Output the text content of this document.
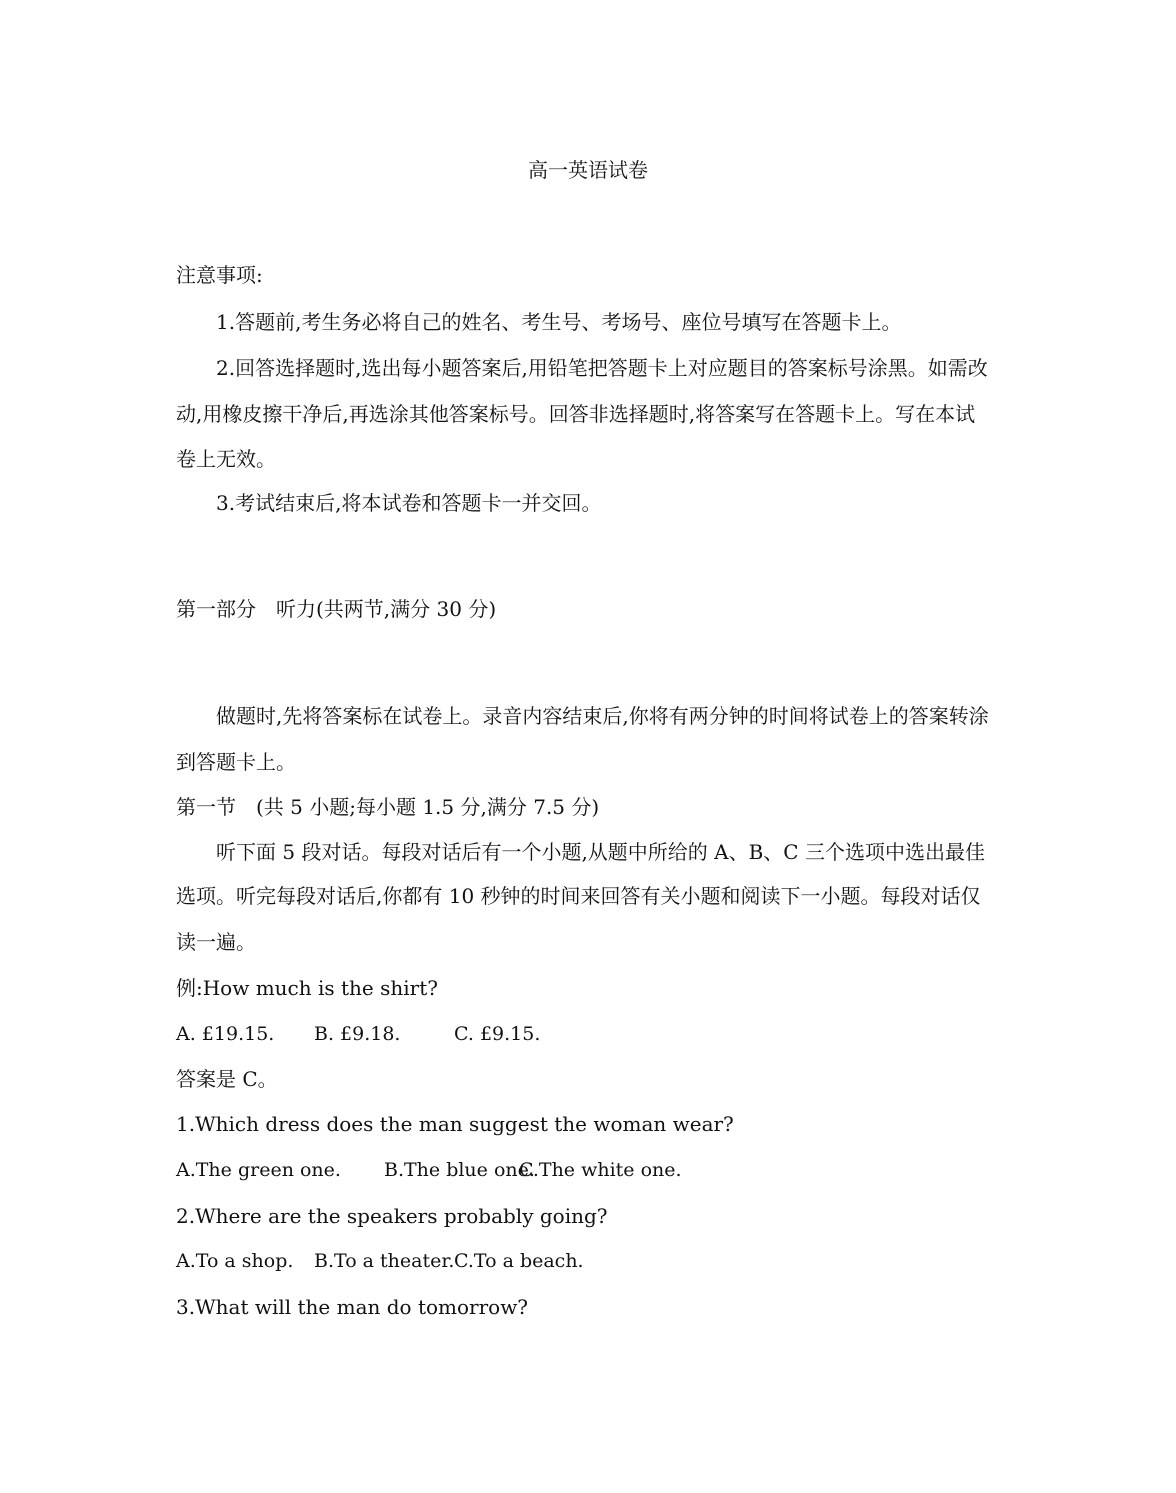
高一英语试卷
注意事项:
1.答题前,考生务必将自己的姓名、考生号、考场号、座位号填写在答题卡上。
2.回答选择题时,选出每小题答案后,用铅笔把答题卡上对应题目的答案标号涂黑。如需改
动,用橡皮擦干净后,再选涂其他答案标号。回答非选择题时,将答案写在答题卡上。写在本试
卷上无效。
3.考试结束后,将本试卷和答题卡一并交回。
第一部分　听力(共两节,满分 30 分)
做题时,先将答案标在试卷上。录音内容结束后,你将有两分钟的时间将试卷上的答案转涂
到答题卡上。
第一节　(共 5 小题;每小题 1.5 分,满分 7.5 分)
听下面 5 段对话。每段对话后有一个小题,从题中所给的 A、B、C 三个选项中选出最佳
选项。听完每段对话后,你都有 10 秒钟的时间来回答有关小题和阅读下一小题。每段对话仅
读一遍。
例:How much is the shirt?
A. £19.15. B. £9.18.	C. £9.15.
答案是 C。
1.Which dress does the man suggest the woman wear?
A.The green one. B.The blue one.
C.The white one.
2.Where are the speakers probably going?
A.To a shop. B.To a theater. C.To a beach.
3.What will the man do tomorrow?
